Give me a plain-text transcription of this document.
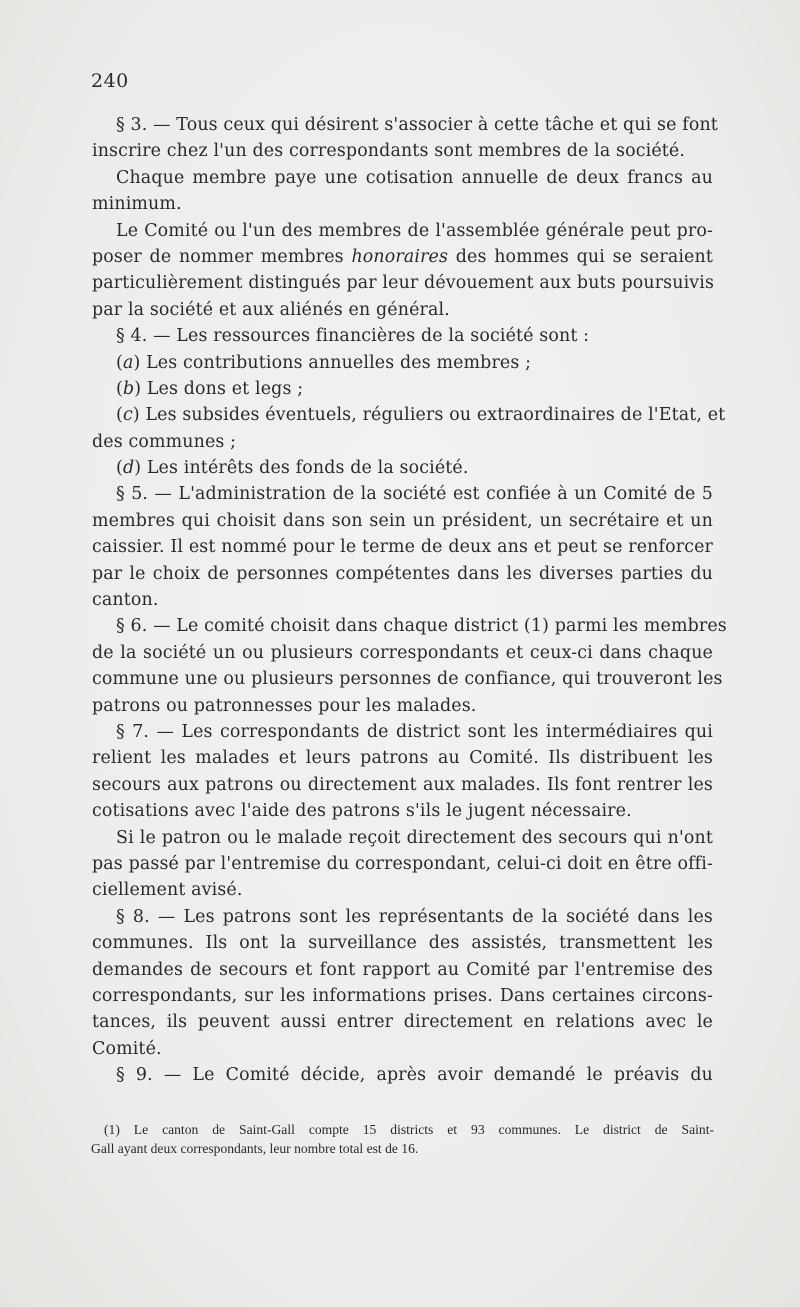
240
§ 3. — Tous ceux qui désirent s'associer à cette tâche et qui se font
inscrire chez l'un des correspondants sont membres de la société.
Chaque membre paye une cotisation annuelle de deux francs au
minimum.
Le Comité ou l'un des membres de l'assemblée générale peut pro-
poser de nommer membres honoraires des hommes qui se seraient
particulièrement distingués par leur dévouement aux buts poursuivis
par la société et aux aliénés en général.
§ 4. — Les ressources financières de la société sont :
(a) Les contributions annuelles des membres ;
(b) Les dons et legs ;
(c) Les subsides éventuels, réguliers ou extraordinaires de l'Etat, et
des communes ;
(d) Les intérêts des fonds de la société.
§ 5. — L'administration de la société est confiée à un Comité de 5
membres qui choisit dans son sein un président, un secrétaire et un
caissier. Il est nommé pour le terme de deux ans et peut se renforcer
par le choix de personnes compétentes dans les diverses parties du
canton.
§ 6. — Le comité choisit dans chaque district (1) parmi les membres
de la société un ou plusieurs correspondants et ceux-ci dans chaque
commune une ou plusieurs personnes de confiance, qui trouveront les
patrons ou patronnesses pour les malades.
§ 7. — Les correspondants de district sont les intermédiaires qui
relient les malades et leurs patrons au Comité. Ils distribuent les
secours aux patrons ou directement aux malades. Ils font rentrer les
cotisations avec l'aide des patrons s'ils le jugent nécessaire.
Si le patron ou le malade reçoit directement des secours qui n'ont
pas passé par l'entremise du correspondant, celui-ci doit en être offi-
ciellement avisé.
§ 8. — Les patrons sont les représentants de la société dans les
communes. Ils ont la surveillance des assistés, transmettent les
demandes de secours et font rapport au Comité par l'entremise des
correspondants, sur les informations prises. Dans certaines circons-
tances, ils peuvent aussi entrer directement en relations avec le
Comité.
§ 9. — Le Comité décide, après avoir demandé le préavis du
(1) Le canton de Saint-Gall compte 15 districts et 93 communes. Le district de Saint-
Gall ayant deux correspondants, leur nombre total est de 16.
